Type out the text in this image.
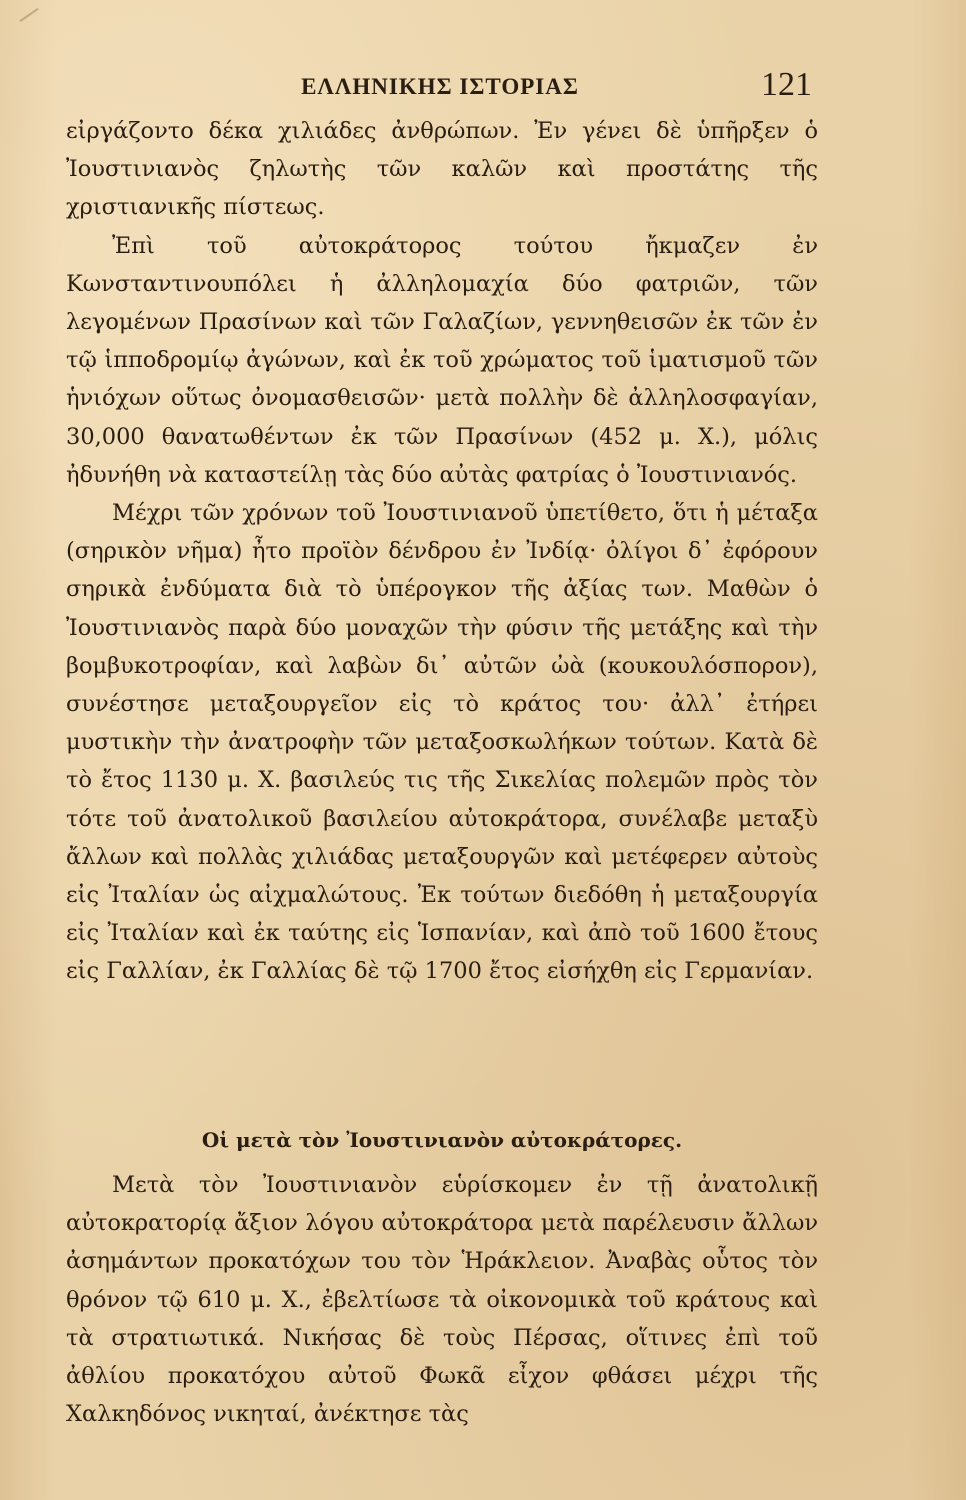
ΕΛΛΗΝΙΚΗΣ ΙΣΤΟΡΙΑΣ	121

εἰργάζοντο δέκα χιλιάδες ἀνθρώπων. Ἐν γένει δὲ ὑπῆρξεν ὁ Ἰουστινιανὸς ζηλωτὴς τῶν καλῶν καὶ προστάτης τῆς χριστιανικῆς πίστεως.

Ἐπὶ τοῦ αὐτοκράτορος τούτου ἤκμαζεν ἐν Κωνσταντινουπόλει ἡ ἀλληλομαχία δύο φατριῶν, τῶν λεγομένων Πρασίνων καὶ τῶν Γαλαζίων, γεννηθεισῶν ἐκ τῶν ἐν τῷ ἱπποδρομίῳ ἀγώνων, καὶ ἐκ τοῦ χρώματος τοῦ ἱματισμοῦ τῶν ἡνιόχων οὕτως ὀνομασθεισῶν· μετὰ πολλὴν δὲ ἀλληλοσφαγίαν, 30,000 θανατωθέντων ἐκ τῶν Πρασίνων (452 μ. Χ.), μόλις ἠδυνήθη νὰ καταστείλῃ τὰς δύο αὐτὰς φατρίας ὁ Ἰουστινιανός.

Μέχρι τῶν χρόνων τοῦ Ἰουστινιανοῦ ὑπετίθετο, ὅτι ἡ μέταξα (σηρικὸν νῆμα) ἦτο προϊὸν δένδρου ἐν Ἰνδίᾳ· ὀλίγοι δ᾽ ἐφόρουν σηρικὰ ἐνδύματα διὰ τὸ ὑπέρογκον τῆς ἀξίας των. Μαθὼν ὁ Ἰουστινιανὸς παρὰ δύο μοναχῶν τὴν φύσιν τῆς μετάξης καὶ τὴν βομβυκοτροφίαν, καὶ λαβὼν δι᾽ αὐτῶν ὠὰ (κουκουλόσπορον), συνέστησε μεταξουργεῖον εἰς τὸ κράτος του· ἀλλ᾽ ἐτήρει μυστικὴν τὴν ἀνατροφὴν τῶν μεταξοσκωλήκων τούτων. Κατὰ δὲ τὸ ἔτος 1130 μ. Χ. βασιλεύς τις τῆς Σικελίας πολεμῶν πρὸς τὸν τότε τοῦ ἀνατολικοῦ βασιλείου αὐτοκράτορα, συνέλαβε μεταξὺ ἄλλων καὶ πολλὰς χιλιάδας μεταξουργῶν καὶ μετέφερεν αὐτοὺς εἰς Ἰταλίαν ὡς αἰχμαλώτους. Ἐκ τούτων διεδόθη ἡ μεταξουργία εἰς Ἰταλίαν καὶ ἐκ ταύτης εἰς Ἱσπανίαν, καὶ ἀπὸ τοῦ 1600 ἔτους εἰς Γαλλίαν, ἐκ Γαλλίας δὲ τῷ 1700 ἔτος εἰσήχθη εἰς Γερμανίαν.

Οἱ μετὰ τὸν Ἰουστινιανὸν αὐτοκράτορες.

Μετὰ τὸν Ἰουστινιανὸν εὑρίσκομεν ἐν τῇ ἀνατολικῇ αὐτοκρατορίᾳ ἄξιον λόγου αὐτοκράτορα μετὰ παρέλευσιν ἄλλων ἀσημάντων προκατόχων του τὸν Ἡράκλειον. Ἀναβὰς οὗτος τὸν θρόνον τῷ 610 μ. Χ., ἐβελτίωσε τὰ οἰκονομικὰ τοῦ κράτους καὶ τὰ στρατιωτικά. Νικήσας δὲ τοὺς Πέρσας, οἵτινες ἐπὶ τοῦ ἀθλίου προκατόχου αὐτοῦ Φωκᾶ εἶχον φθάσει μέχρι τῆς Χαλκηδόνος νικηταί, ἀνέκτησε τὰς
